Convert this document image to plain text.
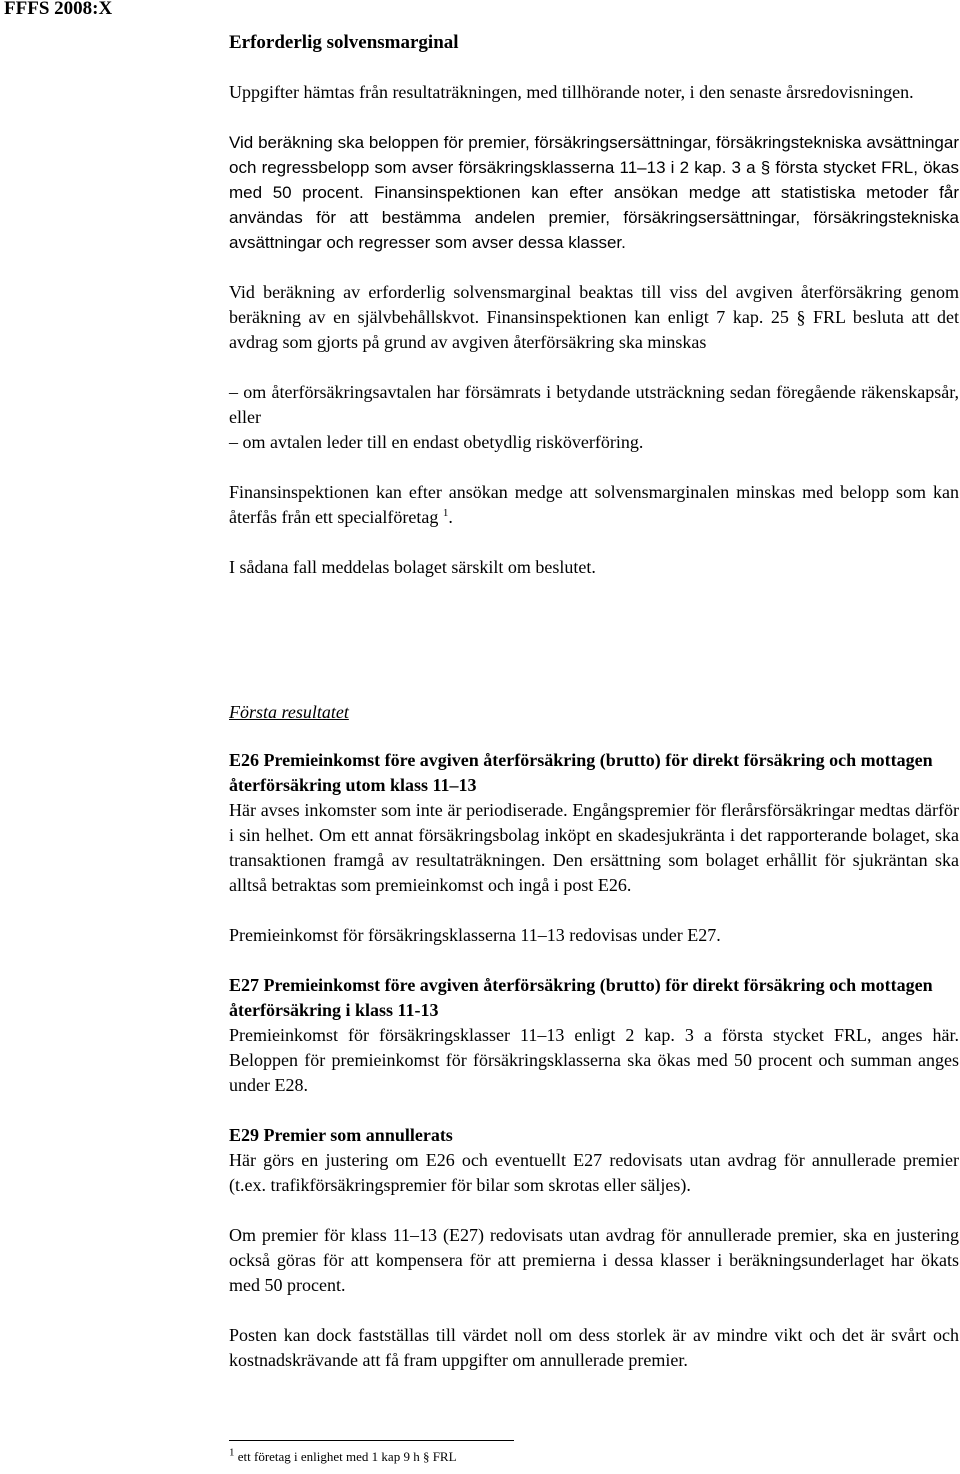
FFFS 2008:X

Erforderlig solvensmarginal

Uppgifter hämtas från resultaträkningen, med tillhörande noter, i den senaste årsredovisningen.

Vid beräkning ska beloppen för premier, försäkringsersättningar, försäkringstekniska avsättningar och regressbelopp som avser försäkringsklasserna 11–13 i 2 kap. 3 a § första stycket FRL, ökas med 50 procent. Finansinspektionen kan efter ansökan medge att statistiska metoder får användas för att bestämma andelen premier, försäkringsersättningar, försäkringstekniska avsättningar och regresser som avser dessa klasser.

Vid beräkning av erforderlig solvensmarginal beaktas till viss del avgiven återförsäkring genom beräkning av en självbehållskvot. Finansinspektionen kan enligt 7 kap. 25 § FRL besluta att det avdrag som gjorts på grund av avgiven återförsäkring ska minskas

– om återförsäkringsavtalen har försämrats i betydande utsträckning sedan föregående räkenskapsår, eller

– om avtalen leder till en endast obetydlig risköverföring.

Finansinspektionen kan efter ansökan medge att solvensmarginalen minskas med belopp som kan återfås från ett specialföretag $^1$.

I sådana fall meddelas bolaget särskilt om beslutet.

Första resultatet

E26 Premieinkomst före avgiven återförsäkring (brutto) för direkt försäkring och mottagen återförsäkring utom klass 11–13

Här avses inkomster som inte är periodiserade. Engångspremier för flerårsförsäkringar medtas därför i sin helhet. Om ett annat försäkringsbolag inköpt en skadesjukränta i det rapporterande bolaget, ska transaktionen framgå av resultaträkningen. Den ersättning som bolaget erhållit för sjukräntan ska alltså betraktas som premieinkomst och ingå i post E26.

Premieinkomst för försäkringsklasserna 11–13 redovisas under E27.

E27 Premieinkomst före avgiven återförsäkring (brutto) för direkt försäkring och mottagen återförsäkring i klass 11-13

Premieinkomst för försäkringsklasser 11–13 enligt 2 kap. 3 a första stycket FRL, anges här. Beloppen för premieinkomst för försäkringsklasserna ska ökas med 50 procent och summan anges under E28.

E29 Premier som annullerats

Här görs en justering om E26 och eventuellt E27 redovisats utan avdrag för annullerade premier (t.ex. trafikförsäkringspremier för bilar som skrotas eller säljes).

Om premier för klass 11–13 (E27) redovisats utan avdrag för annullerade premier, ska en justering också göras för att kompensera för att premierna i dessa klasser i beräkningsunderlaget har ökats med 50 procent.

Posten kan dock fastställas till värdet noll om dess storlek är av mindre vikt och det är svårt och kostnadskrävande att få fram uppgifter om annullerade premier.

$^1$ ett företag i enlighet med 1 kap 9 h § FRL
